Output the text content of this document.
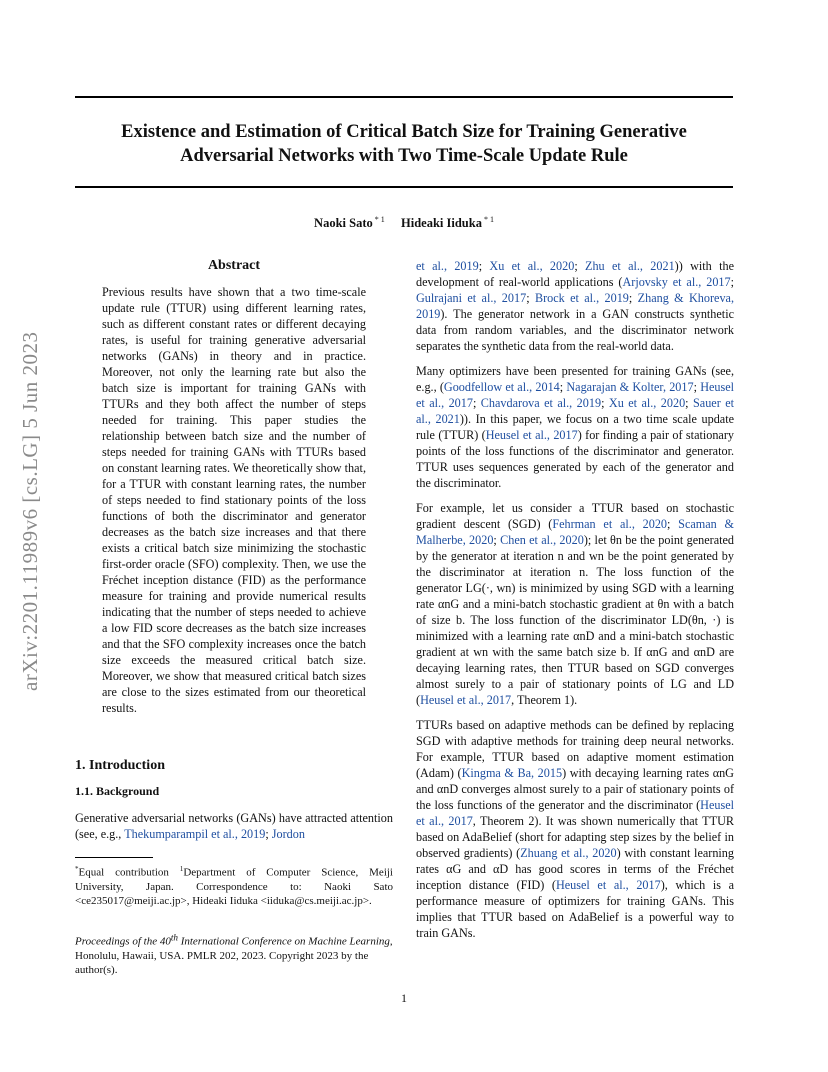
Existence and Estimation of Critical Batch Size for Training Generative
Adversarial Networks with Two Time-Scale Update Rule
Naoki Sato $^{* 1}$ Hideaki Iiduka $^{* 1}$
arXiv:2201.11989v6 [cs.LG] 5 Jun 2023
Abstract

Previous results have shown that a two time-scale update rule (TTUR) using different learning rates, such as different constant rates or different decaying rates, is useful for training generative adversarial networks (GANs) in theory and in practice. Moreover, not only the learning rate but also the batch size is important for training GANs with TTURs and they both affect the number of steps needed for training. This paper studies the relationship between batch size and the number of steps needed for training GANs with TTURs based on constant learning rates. We theoretically show that, for a TTUR with constant learning rates, the number of steps needed to find stationary points of the loss functions of both the discriminator and generator decreases as the batch size increases and that there exists a critical batch size minimizing the stochastic first-order oracle (SFO) complexity. Then, we use the Fréchet inception distance (FID) as the performance measure for training and provide numerical results indicating that the number of steps needed to achieve a low FID score decreases as the batch size increases and that the SFO complexity increases once the batch size exceeds the measured critical batch size. Moreover, we show that measured critical batch sizes are close to the sizes estimated from our theoretical results.

1. Introduction
1.1. Background

Generative adversarial networks (GANs) have attracted attention (see, e.g., Thekumparampil et al., 2019; Jordon

et al., 2019; Xu et al., 2020; Zhu et al., 2021)) with the development of real-world applications (Arjovsky et al., 2017; Gulrajani et al., 2017; Brock et al., 2019; Zhang & Khoreva, 2019). The generator network in a GAN constructs synthetic data from random variables, and the discriminator network separates the synthetic data from the real-world data.

Many optimizers have been presented for training GANs (see, e.g., (Goodfellow et al., 2014; Nagarajan & Kolter, 2017; Heusel et al., 2017; Chavdarova et al., 2019; Xu et al., 2020; Sauer et al., 2021)). In this paper, we focus on a two time scale update rule (TTUR) (Heusel et al., 2017) for finding a pair of stationary points of the loss functions of the discriminator and generator. TTUR uses sequences generated by each of the generator and the discriminator.

For example, let us consider a TTUR based on stochastic gradient descent (SGD) (Fehrman et al., 2020; Scaman & Malherbe, 2020; Chen et al., 2020); let θn be the point generated by the generator at iteration n and wn be the point generated by the discriminator at iteration n. The loss function of the generator LG(·, wn) is minimized by using SGD with a learning rate αnG and a mini-batch stochastic gradient at θn with a batch of size b. The loss function of the discriminator LD(θn, ·) is minimized with a learning rate αnD and a mini-batch stochastic gradient at wn with the same batch size b. If αnG and αnD are decaying learning rates, then TTUR based on SGD converges almost surely to a pair of stationary points of LG and LD (Heusel et al., 2017, Theorem 1).

TTURs based on adaptive methods can be defined by replacing SGD with adaptive methods for training deep neural networks. For example, TTUR based on adaptive moment estimation (Adam) (Kingma & Ba, 2015) with decaying learning rates αnG and αnD converges almost surely to a pair of stationary points of the loss functions of the generator and the discriminator (Heusel et al., 2017, Theorem 2). It was shown numerically that TTUR based on AdaBelief (short for adapting step sizes by the belief in observed gradients) (Zhuang et al., 2020) with constant learning rates αG and αD has good scores in terms of the Fréchet inception distance (FID) (Heusel et al., 2017), which is a performance measure of optimizers for training GANs. This implies that TTUR based on AdaBelief is a powerful way to train GANs.

*Equal contribution $^1$Department of Computer Science, Meiji University, Japan. Correspondence to: Naoki Sato <ce235017@meiji.ac.jp>, Hideaki Iiduka <iiduka@cs.meiji.ac.jp>.
Proceedings of the 40th International Conference on Machine Learning, Honolulu, Hawaii, USA. PMLR 202, 2023. Copyright 2023 by the author(s).
1
